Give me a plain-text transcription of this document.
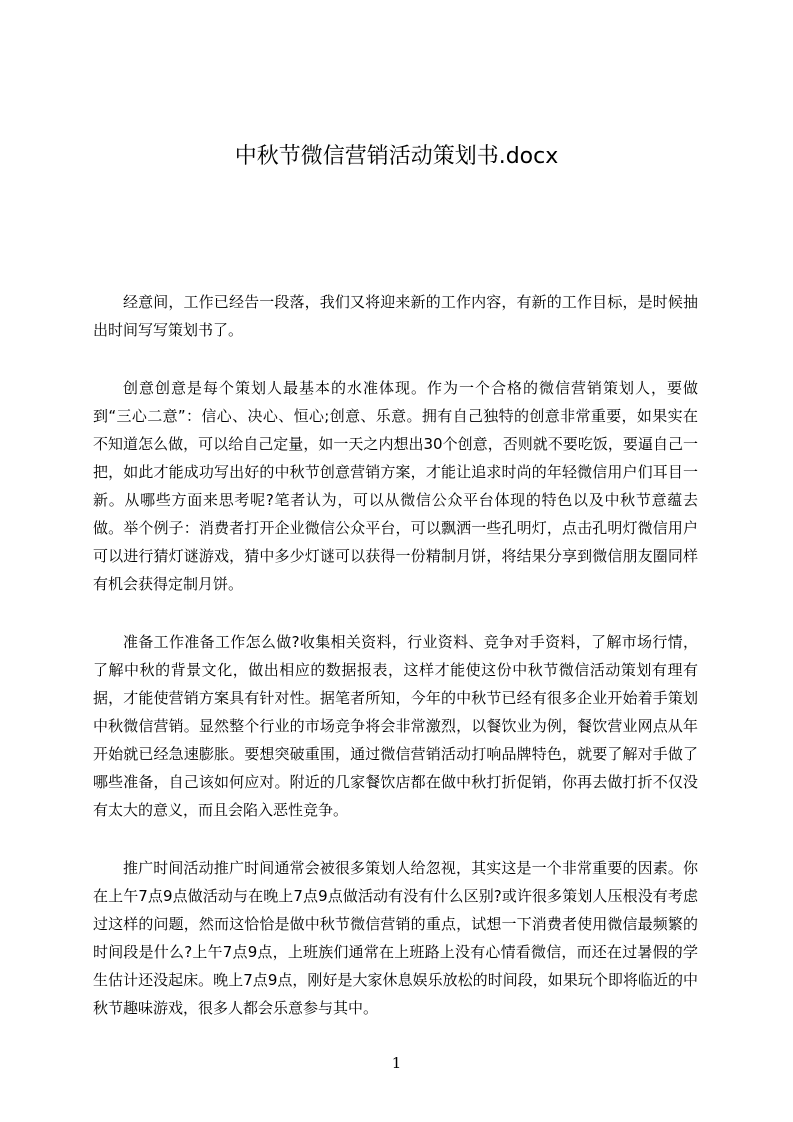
中秋节微信营销活动策划书.docx

经意间，工作已经告一段落，我们又将迎来新的工作内容，有新的工作目标，是时候抽出时间写写策划书了。

创意创意是每个策划人最基本的水准体现。作为一个合格的微信营销策划人，要做到“三心二意”：信心、决心、恒心;创意、乐意。拥有自己独特的创意非常重要，如果实在不知道怎么做，可以给自己定量，如一天之内想出30个创意，否则就不要吃饭，要逼自己一把，如此才能成功写出好的中秋节创意营销方案，才能让追求时尚的年轻微信用户们耳目一新。从哪些方面来思考呢?笔者认为，可以从微信公众平台体现的特色以及中秋节意蕴去做。举个例子：消费者打开企业微信公众平台，可以飘洒一些孔明灯，点击孔明灯微信用户可以进行猜灯谜游戏，猜中多少灯谜可以获得一份精制月饼，将结果分享到微信朋友圈同样有机会获得定制月饼。

准备工作准备工作怎么做?收集相关资料，行业资料、竞争对手资料，了解市场行情，了解中秋的背景文化，做出相应的数据报表，这样才能使这份中秋节微信活动策划有理有据，才能使营销方案具有针对性。据笔者所知，今年的中秋节已经有很多企业开始着手策划中秋微信营销。显然整个行业的市场竞争将会非常激烈，以餐饮业为例，餐饮营业网点从年开始就已经急速膨胀。要想突破重围，通过微信营销活动打响品牌特色，就要了解对手做了哪些准备，自己该如何应对。附近的几家餐饮店都在做中秋打折促销，你再去做打折不仅没有太大的意义，而且会陷入恶性竞争。

推广时间活动推广时间通常会被很多策划人给忽视，其实这是一个非常重要的因素。你在上午7点9点做活动与在晚上7点9点做活动有没有什么区别?或许很多策划人压根没有考虑过这样的问题，然而这恰恰是做中秋节微信营销的重点，试想一下消费者使用微信最频繁的时间段是什么?上午7点9点，上班族们通常在上班路上没有心情看微信，而还在过暑假的学生估计还没起床。晚上7点9点，刚好是大家休息娱乐放松的时间段，如果玩个即将临近的中秋节趣味游戏，很多人都会乐意参与其中。

1
